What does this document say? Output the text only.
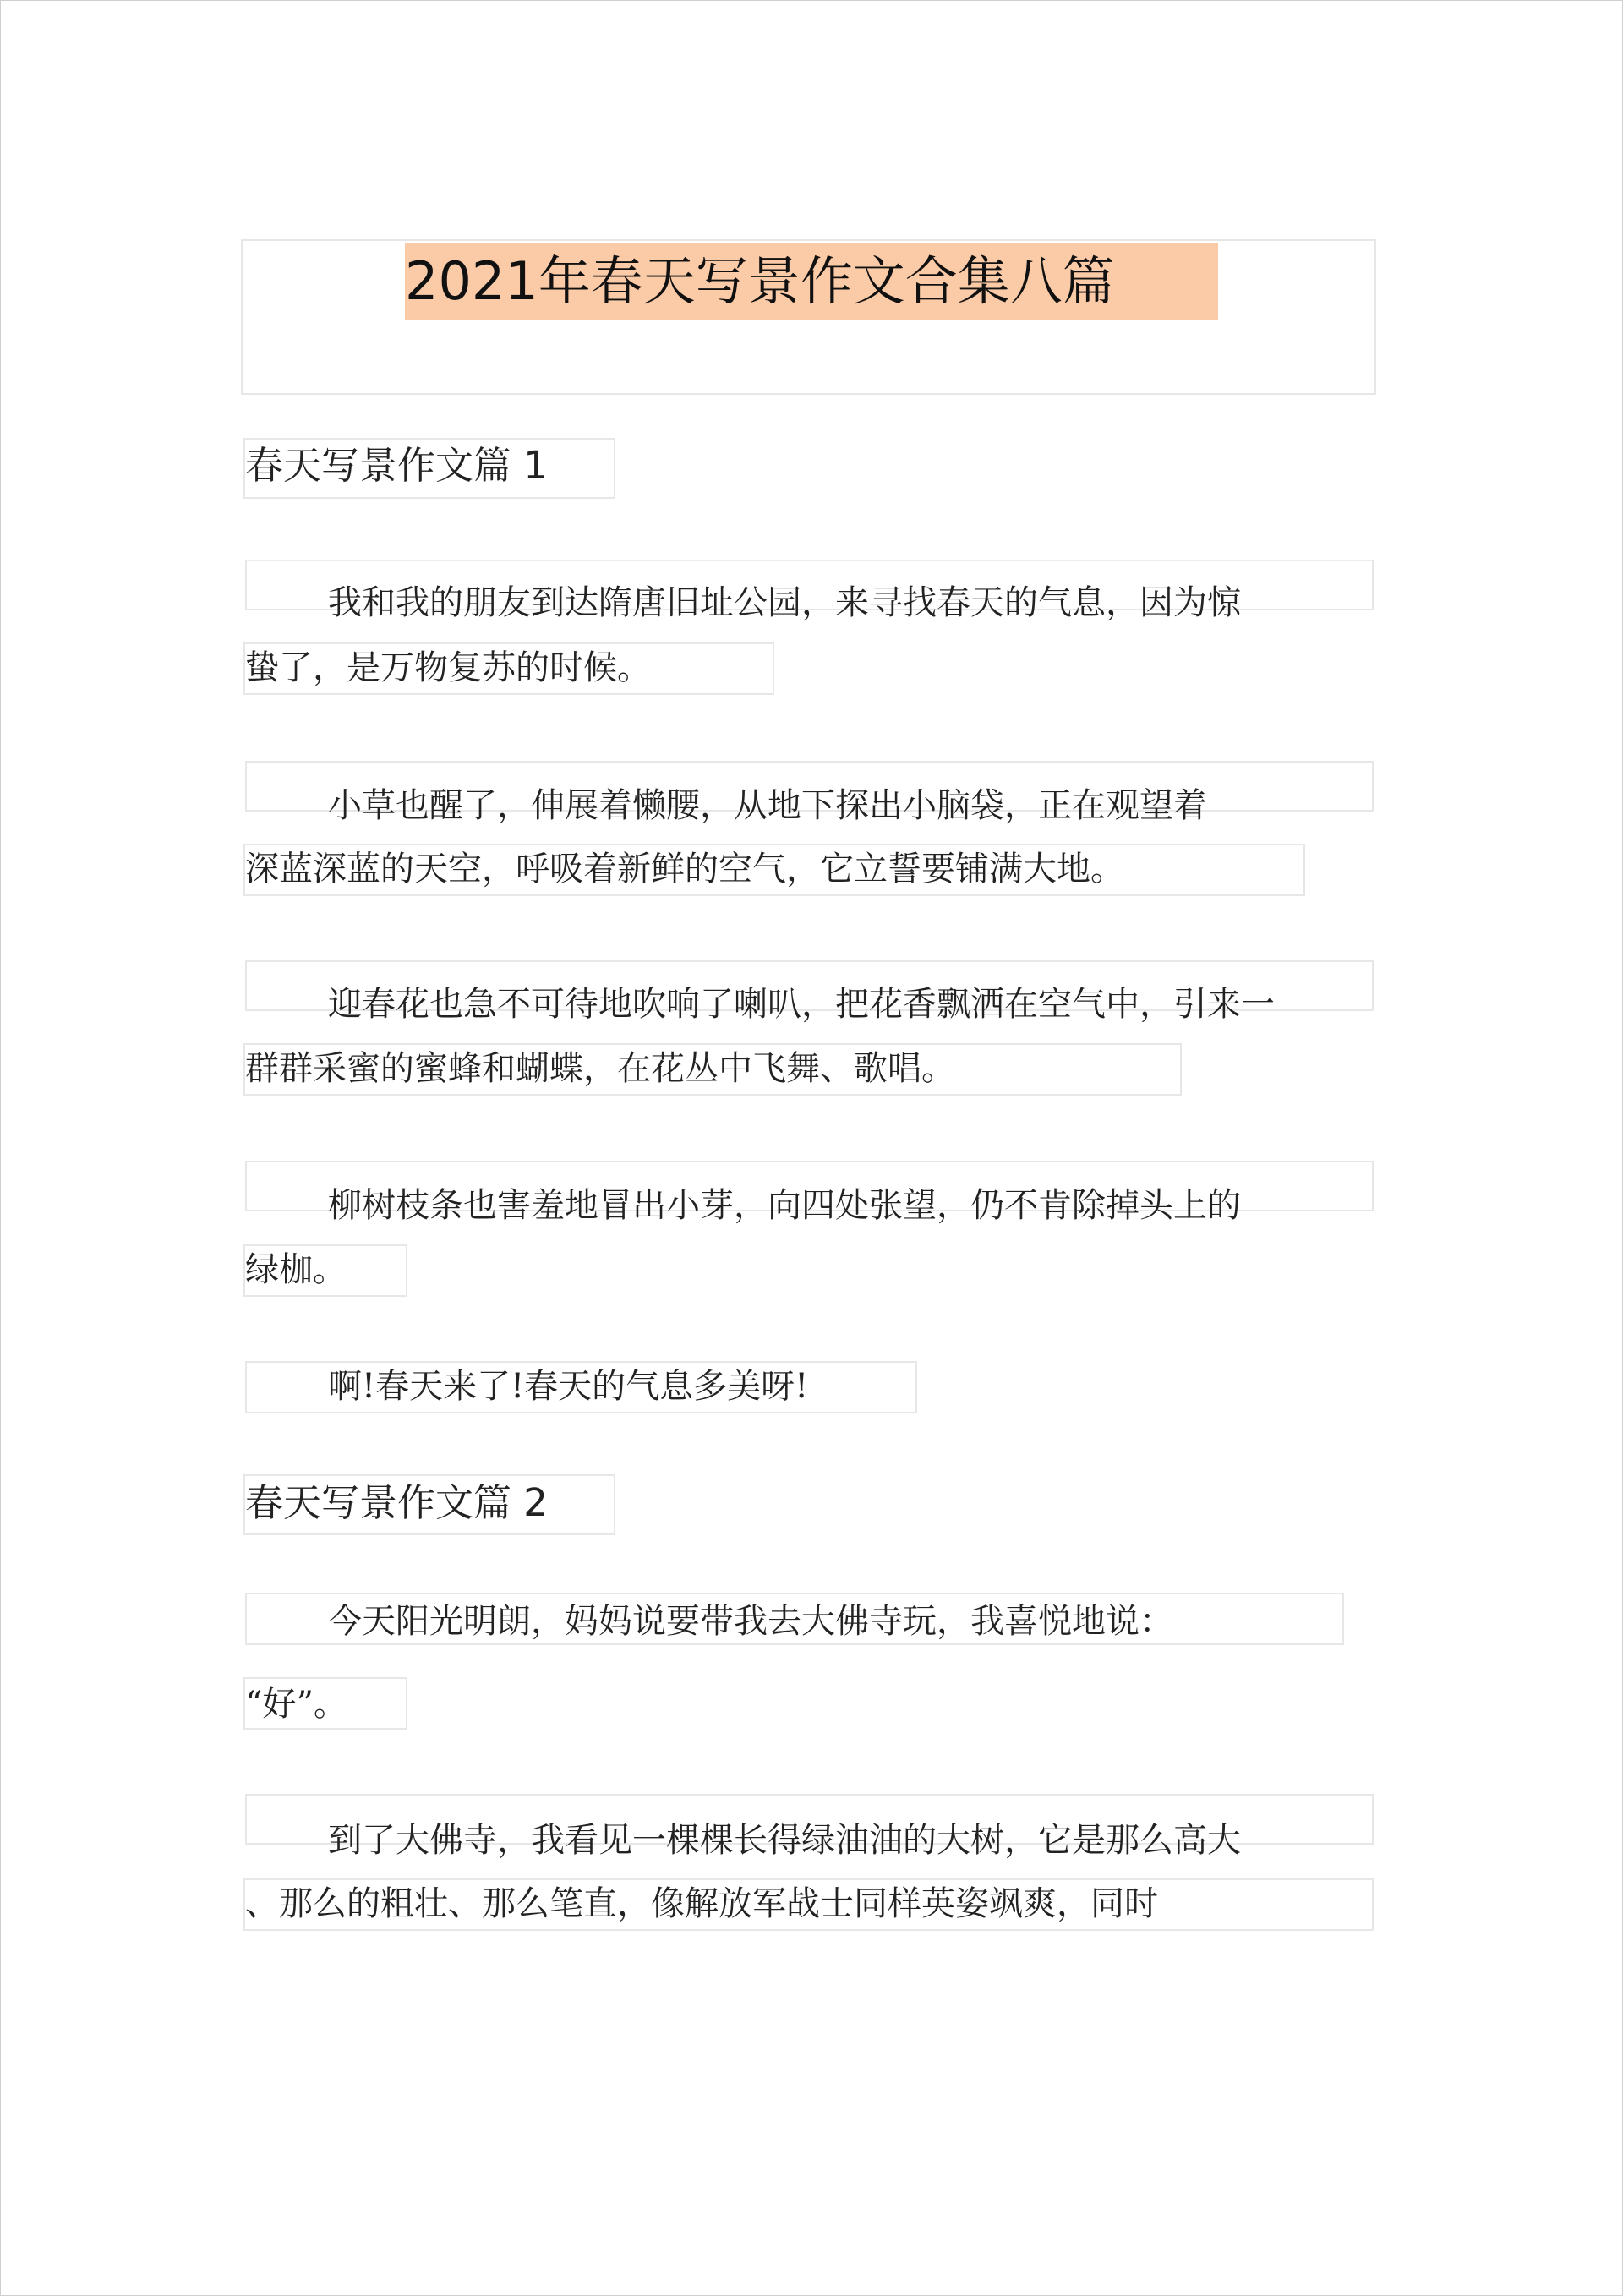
2021年春天写景作文合集八篇
春天写景作文篇 1
我和我的朋友到达隋唐旧址公园，来寻找春天的气息，因为惊
蛰了，是万物复苏的时候。
小草也醒了，伸展着懒腰，从地下探出小脑袋，正在观望着
深蓝深蓝的天空，呼吸着新鲜的空气，它立誓要铺满大地。
迎春花也急不可待地吹响了喇叭，把花香飘洒在空气中，引来一
群群采蜜的蜜蜂和蝴蝶，在花丛中飞舞、歌唱。
柳树枝条也害羞地冒出小芽，向四处张望，仍不肯除掉头上的
绿枷。
啊!春天来了!春天的气息多美呀!
春天写景作文篇 2
今天阳光明朗，妈妈说要带我去大佛寺玩，我喜悦地说：
“好”。
到了大佛寺，我看见一棵棵长得绿油油的大树，它是那么高大
、那么的粗壮、那么笔直，像解放军战士同样英姿飒爽，同时
